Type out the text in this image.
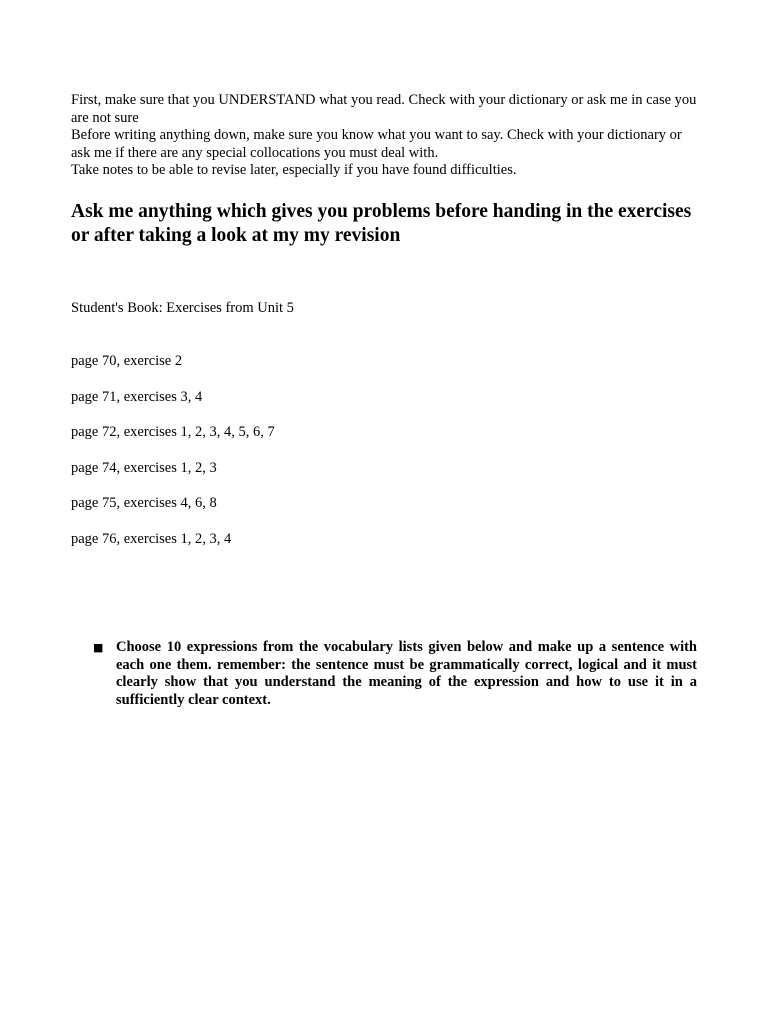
First, make sure that you UNDERSTAND what you read. Check with your dictionary or ask me in case you are not sure

Before writing anything down, make sure you know what you want to say. Check with your dictionary or ask me if there are any special collocations you must deal with.

Take notes to be able to revise later, especially if you have found difficulties.

Ask me anything which gives you problems before handing in the exercises or after taking a look at my my revision

Student's Book: Exercises from Unit 5

page 70, exercise 2
page 71, exercises 3, 4
page 72, exercises 1, 2, 3, 4, 5, 6, 7
page 74, exercises 1, 2, 3
page 75, exercises 4, 6, 8
page 76, exercises 1, 2, 3, 4
■ Choose 10 expressions from the vocabulary lists given below and make up a sentence with each one them. remember: the sentence must be grammatically correct, logical and it must clearly show that you understand the meaning of the expression and how to use it in a sufficiently clear context.
